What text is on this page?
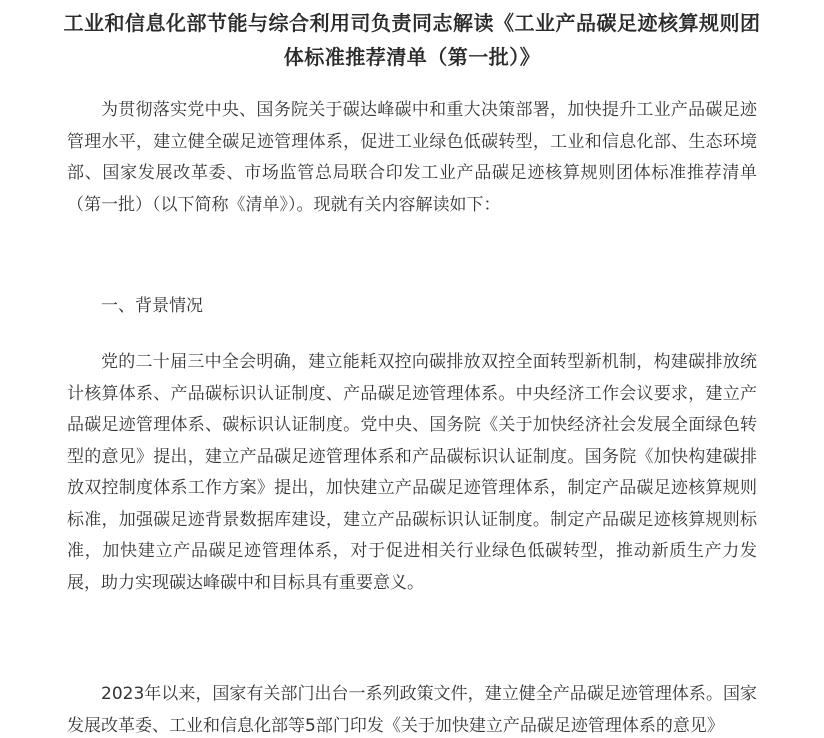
工业和信息化部节能与综合利用司负责同志解读《工业产品碳足迹核算规则团体标准推荐清单（第一批）》

为贯彻落实党中央、国务院关于碳达峰碳中和重大决策部署，加快提升工业产品碳足迹管理水平，建立健全碳足迹管理体系，促进工业绿色低碳转型，工业和信息化部、生态环境部、国家发展改革委、市场监管总局联合印发工业产品碳足迹核算规则团体标准推荐清单（第一批）（以下简称《清单》）。现就有关内容解读如下：

一、背景情况

党的二十届三中全会明确，建立能耗双控向碳排放双控全面转型新机制，构建碳排放统计核算体系、产品碳标识认证制度、产品碳足迹管理体系。中央经济工作会议要求，建立产品碳足迹管理体系、碳标识认证制度。党中央、国务院《关于加快经济社会发展全面绿色转型的意见》提出，建立产品碳足迹管理体系和产品碳标识认证制度。国务院《加快构建碳排放双控制度体系工作方案》提出，加快建立产品碳足迹管理体系，制定产品碳足迹核算规则标准，加强碳足迹背景数据库建设，建立产品碳标识认证制度。制定产品碳足迹核算规则标准，加快建立产品碳足迹管理体系，对于促进相关行业绿色低碳转型，推动新质生产力发展，助力实现碳达峰碳中和目标具有重要意义。

2023年以来，国家有关部门出台一系列政策文件，建立健全产品碳足迹管理体系。国家发展改革委、工业和信息化部等5部门印发《关于加快建立产品碳足迹管理体系的意见》
